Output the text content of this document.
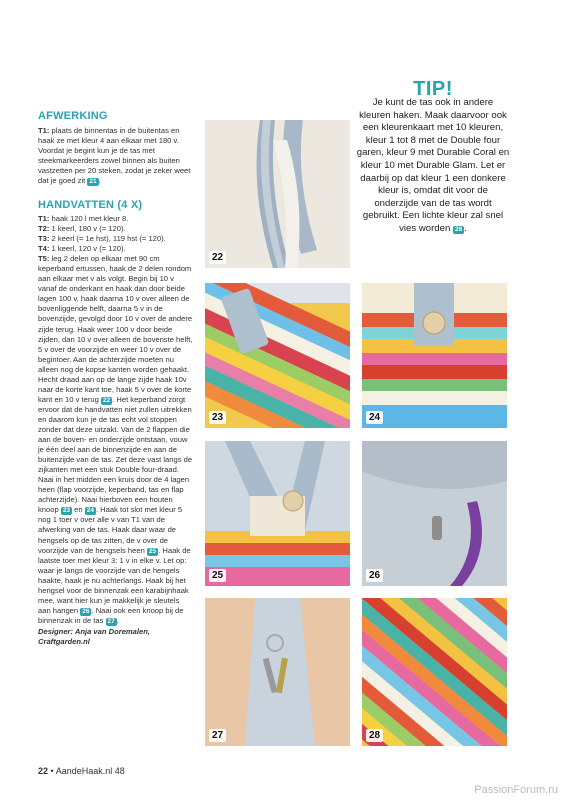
AFWERKING

T1: plaats de binnentas in de buitentas en haak ze met kleur 4 aan elkaar met 180 v. Voordat je begint kun je de tas met steekmarkeerders zowel binnen als buiten vastzetten per 20 steken, zodat je zeker weet dat je goed zit 21 .

HANDVATTEN (4 X)

T1: haak 120 l met kleur 8.

T2: 1 keerl, 180 v (= 120).

T3: 2 keerl (= 1e hst), 119 hst (= 120).

T4: 1 keerl, 120 v (= 120).

T5: leg 2 delen op elkaar met 90 cm keperband ertussen, haak de 2 delen rondom aan elkaar met v als volgt. Begin bij 10 v vanaf de onderkant en haak dan door beide lagen 100 v, haak daarna 10 v over alleen de bovenliggende helft, daarna 5 v in de bovenzijde, gevolgd door 10 v over de andere zijde terug. Haak weer 100 v door beide zijden, dan 10 v over alleen de bovenste helft, 5 v over de voorzijde en weer 10 v over de begintoer. Aan de achterzijde moeten nu alleen nog de kopse kanten worden gehaakt. Hecht draad aan op de lange zijde haak 10v naar de korte kant toe, haak 5 v over de korte kant en 10 v terug 22 . Het keperband zorgt ervoor dat de handvatten niet zullen uitrekken en daarom kun je de tas echt vol stoppen zonder dat deze uitzakt. Van de 2 flappen die aan de boven- en onderzijde ontstaan, vouw je één deel aan de binnenzijde en aan de buitenzijde van de tas. Zet deze vast langs de zijkanten met een stuk Double four-draad. Naai in het midden een kruis door de 4 lagen heen (flap voorzijde, keperband, tas en flap achterzijde). Naai hierboven een houten knoop 23 en 24 . Haak tot slot met kleur 5 nog 1 toer v over alle v van T1 van de afwerking van de tas. Haak daar waar de hengsels op de tas zitten, de v over de voorzijde van de hengsels heen 25 . Haak de laatste toer met kleur 3: 1 v in elke v. Let op: waar je langs de voorzijde van de hengels haakte, haak je nu achterlangs. Haak bij het hengsel voor de binnenzak een karabijnhaak mee, want hier kun je makkelijk je sleutels aan hangen 26 . Naai ook een knoop bij de binnenzak in de tas 27 .

Designer: Anja van Doremalen,
Craftgarden.nl

TIP!
Je kunt de tas ook in andere kleuren haken. Maak daarvoor ook een kleurenkaart met 10 kleuren, kleur 1 tot 8 met de Double four garen, kleur 9 met Durable Coral en kleur 10 met Durable Glam. Let er daarbij op dat kleur 1 een donkere kleur is, omdat dit voor de onderzijde van de tas wordt gebruikt. Een lichte kleur zal snel vies worden 28 .
22
23	24
25	26
27	28
22 • AandeHaak.nl 48
PassionForum.ru
